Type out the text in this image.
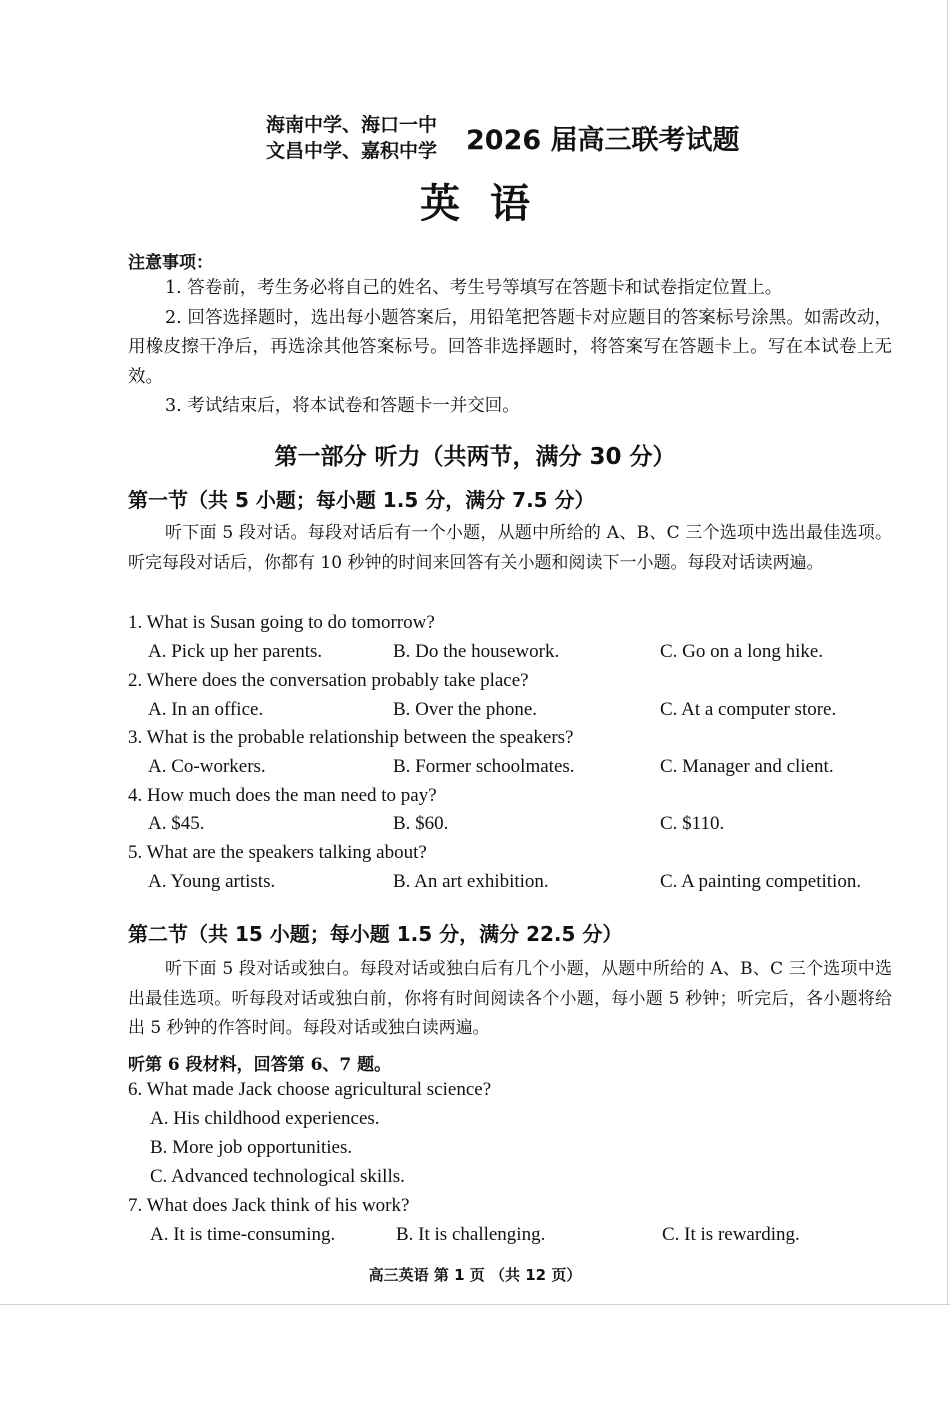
海南中学、海口一中
文昌中学、嘉积中学 2026 届高三联考试题
英语
注意事项：

1. 答卷前，考生务必将自己的姓名、考生号等填写在答题卡和试卷指定位置上。

2. 回答选择题时，选出每小题答案后，用铅笔把答题卡对应题目的答案标号涂黑。如需改动，用橡皮擦干净后，再选涂其他答案标号。回答非选择题时，将答案写在答题卡上。写在本试卷上无效。

3. 考试结束后，将本试卷和答题卡一并交回。

第一部分 听力（共两节，满分 30 分）
第一节（共 5 小题；每小题 1.5 分，满分 7.5 分）

听下面 5 段对话。每段对话后有一个小题，从题中所给的 A、B、C 三个选项中选出最佳选项。听完每段对话后，你都有 10 秒钟的时间来回答有关小题和阅读下一小题。每段对话读两遍。

1. What is Susan going to do tomorrow?
A. Pick up her parents.	B. Do the housework.	C. Go on a long hike.
2. Where does the conversation probably take place?
A. In an office.	B. Over the phone.	C. At a computer store.
3. What is the probable relationship between the speakers?
A. Co-workers.	B. Former schoolmates.	C. Manager and client.
4. How much does the man need to pay?
A. $45.	B. $60.	C. $110.
5. What are the speakers talking about?
A. Young artists.	B. An art exhibition.	C. A painting competition.
第二节（共 15 小题；每小题 1.5 分，满分 22.5 分）

听下面 5 段对话或独白。每段对话或独白后有几个小题，从题中所给的 A、B、C 三个选项中选出最佳选项。听每段对话或独白前，你将有时间阅读各个小题，每小题 5 秒钟；听完后，各小题将给出 5 秒钟的作答时间。每段对话或独白读两遍。

听第 6 段材料，回答第 6、7 题。
6. What made Jack choose agricultural science?
A. His childhood experiences.
B. More job opportunities.
C. Advanced technological skills.
7. What does Jack think of his work?
A. It is time-consuming.	B. It is challenging.	C. It is rewarding.
高三英语 第 1 页 （共 12 页）
